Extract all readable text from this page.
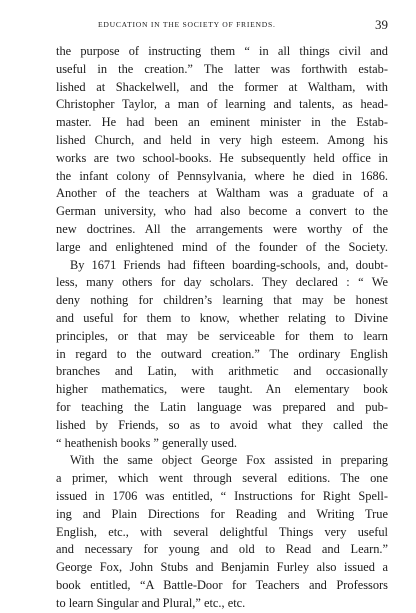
EDUCATION IN THE SOCIETY OF FRIENDS.	39
the purpose of instructing them “ in all things civil and
useful in the creation.” The latter was forthwith estab-
lished at Shackelwell, and the former at Waltham, with
Christopher Taylor, a man of learning and talents, as head-
master. He had been an eminent minister in the Estab-
lished Church, and held in very high esteem. Among his
works are two school-books. He subsequently held office in
the infant colony of Pennsylvania, where he died in 1686.
Another of the teachers at Waltham was a graduate of a
German university, who had also become a convert to the
new doctrines. All the arrangements were worthy of the
large and enlightened mind of the founder of the Society.
By 1671 Friends had fifteen boarding-schools, and, doubt-
less, many others for day scholars. They declared : “ We
deny nothing for children’s learning that may be honest
and useful for them to know, whether relating to Divine
principles, or that may be serviceable for them to learn
in regard to the outward creation.” The ordinary English
branches and Latin, with arithmetic and occasionally
higher mathematics, were taught. An elementary book
for teaching the Latin language was prepared and pub-
lished by Friends, so as to avoid what they called the
“ heathenish books ” generally used.
With the same object George Fox assisted in preparing
a primer, which went through several editions. The one
issued in 1706 was entitled, “ Instructions for Right Spell-
ing and Plain Directions for Reading and Writing True
English, etc., with several delightful Things very useful
and necessary for young and old to Read and Learn.”
George Fox, John Stubs and Benjamin Furley also issued a
book entitled, “A Battle-Door for Teachers and Professors
to learn Singular and Plural,” etc., etc.
